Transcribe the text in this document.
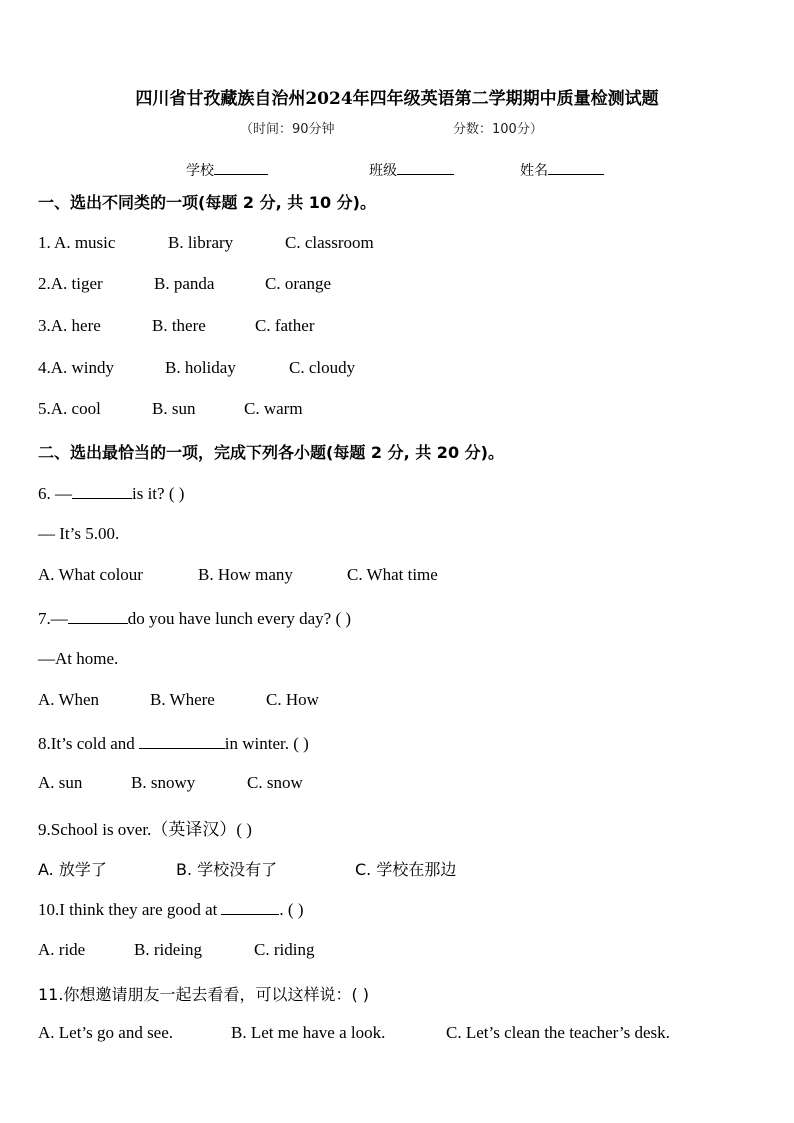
四川省甘孜藏族自治州2024年四年级英语第二学期期中质量检测试题
（时间：90分钟	分数：100分）
学校	班级	姓名
一、选出不同类的一项(每题 2 分, 共 10 分)。
1. A. music	B. library	C. classroom
2.A. tiger	B. panda	C. orange
3.A. here	B. there	C. father
4.A. windy	B. holiday	C. cloudy
5.A. cool	B. sun	C. warm
二、选出最恰当的一项，完成下列各小题(每题 2 分, 共 20 分)。
6. —	is it? ( )
— It’s 5.00.
A. What colour	B. How many	C. What time
7.—	do you have lunch every day? ( )
—At home.
A. When	B. Where	C. How
8.It’s cold and	in winter. ( )
A. sun	B. snowy	C. snow
9.School is over.（英译汉）( )
A. 放学了	B. 学校没有了	C. 学校在那边
10.I think they are good at	. ( )
A. ride	B. rideing	C. riding
11.你想邀请朋友一起去看看，可以这样说：( )
A. Let’s go and see.	B. Let me have a look.	C. Let’s clean the teacher’s desk.
